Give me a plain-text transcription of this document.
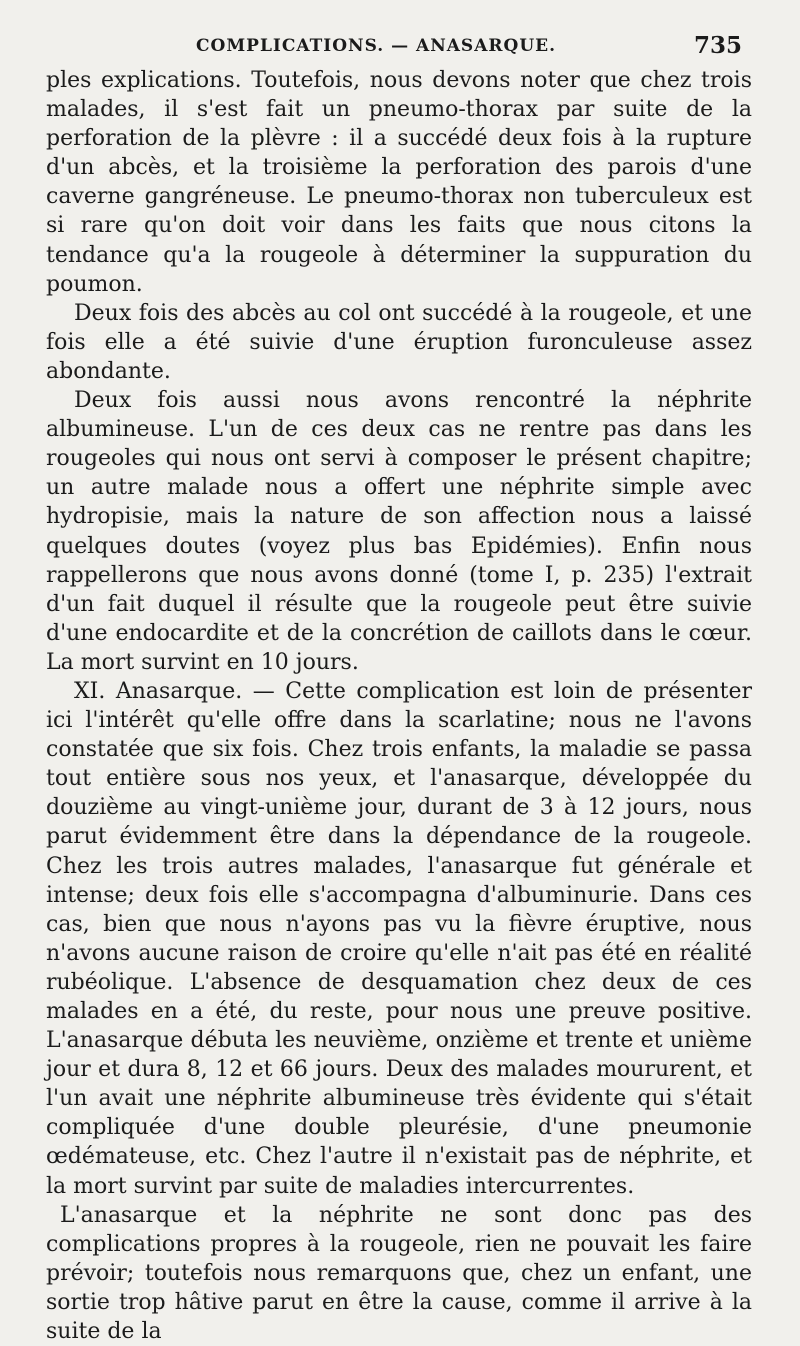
COMPLICATIONS. — ANASARQUE.	735

ples explications. Toutefois, nous devons noter que chez trois malades, il s'est fait un pneumo-thorax par suite de la perforation de la plèvre : il a succédé deux fois à la rupture d'un abcès, et la troisième la perforation des parois d'une caverne gangréneuse. Le pneumo-thorax non tuberculeux est si rare qu'on doit voir dans les faits que nous citons la tendance qu'a la rougeole à déterminer la suppuration du poumon.

Deux fois des abcès au col ont succédé à la rougeole, et une fois elle a été suivie d'une éruption furonculeuse assez abondante.

Deux fois aussi nous avons rencontré la néphrite albumineuse. L'un de ces deux cas ne rentre pas dans les rougeoles qui nous ont servi à composer le présent chapitre; un autre malade nous a offert une néphrite simple avec hydropisie, mais la nature de son affection nous a laissé quelques doutes (voyez plus bas Epidémies). Enfin nous rappellerons que nous avons donné (tome I, p. 235) l'extrait d'un fait duquel il résulte que la rougeole peut être suivie d'une endocardite et de la concrétion de caillots dans le cœur. La mort survint en 10 jours.

XI. Anasarque. — Cette complication est loin de présenter ici l'intérêt qu'elle offre dans la scarlatine; nous ne l'avons constatée que six fois. Chez trois enfants, la maladie se passa tout entière sous nos yeux, et l'anasarque, développée du douzième au vingt-unième jour, durant de 3 à 12 jours, nous parut évidemment être dans la dépendance de la rougeole. Chez les trois autres malades, l'anasarque fut générale et intense; deux fois elle s'accompagna d'albuminurie. Dans ces cas, bien que nous n'ayons pas vu la fièvre éruptive, nous n'avons aucune raison de croire qu'elle n'ait pas été en réalité rubéolique. L'absence de desquamation chez deux de ces malades en a été, du reste, pour nous une preuve positive. L'anasarque débuta les neuvième, onzième et trente et unième jour et dura 8, 12 et 66 jours. Deux des malades moururent, et l'un avait une néphrite albumineuse très évidente qui s'était compliquée d'une double pleurésie, d'une pneumonie œdémateuse, etc. Chez l'autre il n'existait pas de néphrite, et la mort survint par suite de maladies intercurrentes.

L'anasarque et la néphrite ne sont donc pas des complications propres à la rougeole, rien ne pouvait les faire prévoir; toutefois nous remarquons que, chez un enfant, une sortie trop hâtive parut en être la cause, comme il arrive à la suite de la
